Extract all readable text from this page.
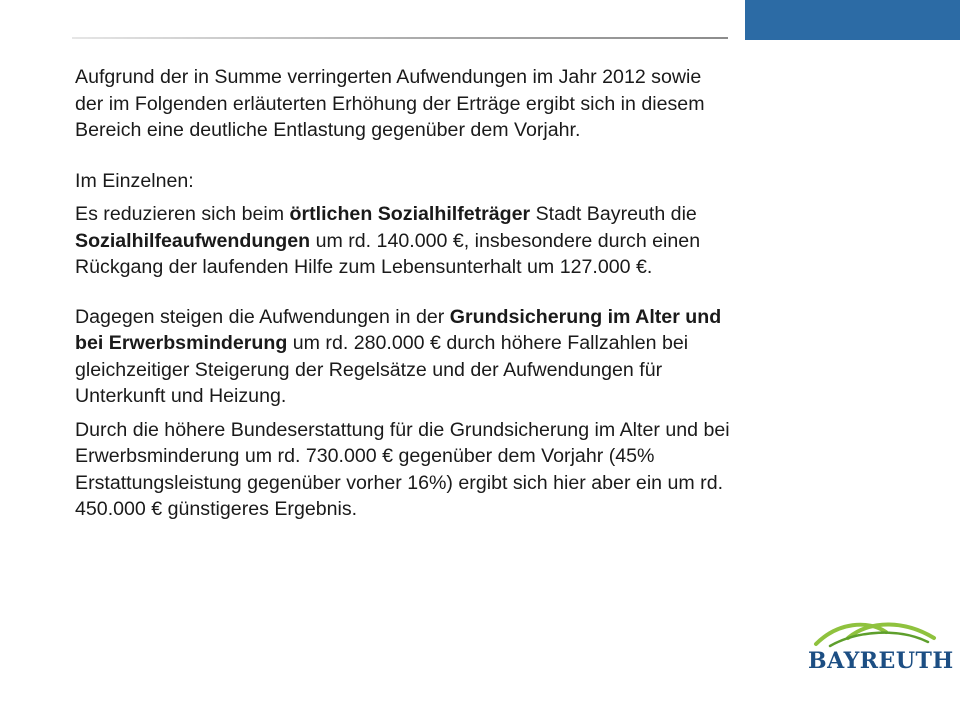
Aufgrund der in Summe verringerten Aufwendungen im Jahr 2012 sowie der im Folgenden erläuterten Erhöhung der Erträge ergibt sich in diesem Bereich eine deutliche Entlastung gegenüber dem Vorjahr.

Im Einzelnen:

Es reduzieren sich beim örtlichen Sozialhilfeträger Stadt Bayreuth die Sozialhilfeaufwendungen um rd. 140.000 €, insbesondere durch einen Rückgang der laufenden Hilfe zum Lebensunterhalt um 127.000 €.

Dagegen steigen die Aufwendungen in der Grundsicherung im Alter und bei Erwerbsminderung um rd. 280.000 € durch höhere Fallzahlen bei gleichzeitiger Steigerung der Regelsätze und der Aufwendungen für Unterkunft und Heizung.

Durch die höhere Bundeserstattung für die Grundsicherung im Alter und bei Erwerbsminderung um rd. 730.000 € gegenüber dem Vorjahr (45% Erstattungsleistung gegenüber vorher 16%) ergibt sich hier aber ein um rd. 450.000 € günstigeres Ergebnis.

BAYREUTH
